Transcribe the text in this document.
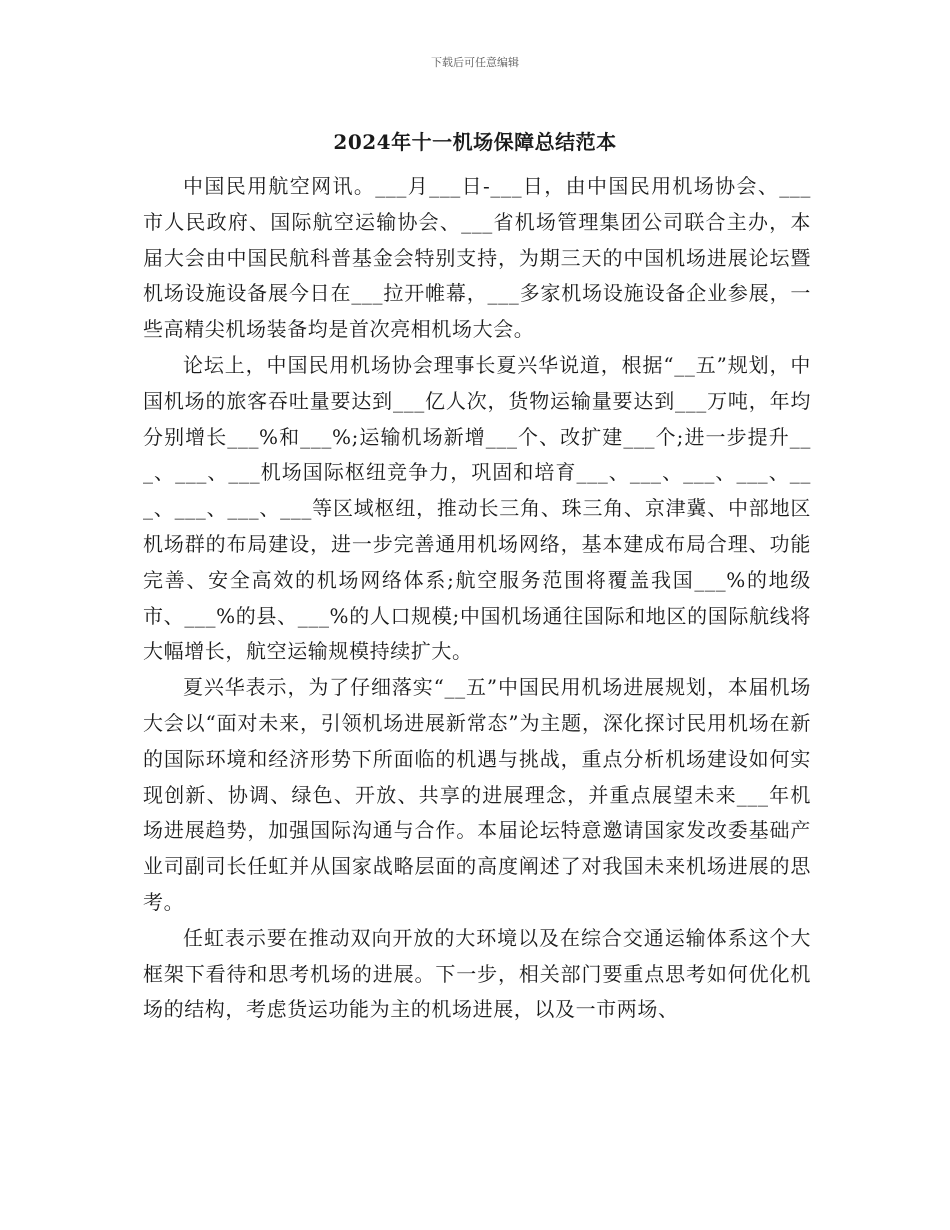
下载后可任意编辑
2024年十一机场保障总结范本

中国民用航空网讯。___月___日-___日，由中国民用机场协会、___市人民政府、国际航空运输协会、___省机场管理集团公司联合主办，本届大会由中国民航科普基金会特别支持，为期三天的中国机场进展论坛暨机场设施设备展今日在___拉开帷幕，___多家机场设施设备企业参展，一些高精尖机场装备均是首次亮相机场大会。

论坛上，中国民用机场协会理事长夏兴华说道，根据“__五”规划，中国机场的旅客吞吐量要达到___亿人次，货物运输量要达到___万吨，年均分别增长___%和___%;运输机场新增___个、改扩建___个;进一步提升___、___、___机场国际枢纽竞争力，巩固和培育___、___、___、___、___、___、___、___等区域枢纽，推动长三角、珠三角、京津冀、中部地区机场群的布局建设，进一步完善通用机场网络，基本建成布局合理、功能完善、安全高效的机场网络体系;航空服务范围将覆盖我国___%的地级市、___%的县、___%的人口规模;中国机场通往国际和地区的国际航线将大幅增长，航空运输规模持续扩大。

夏兴华表示，为了仔细落实“__五”中国民用机场进展规划，本届机场大会以“面对未来，引领机场进展新常态”为主题，深化探讨民用机场在新的国际环境和经济形势下所面临的机遇与挑战，重点分析机场建设如何实现创新、协调、绿色、开放、共享的进展理念，并重点展望未来___年机场进展趋势，加强国际沟通与合作。本届论坛特意邀请国家发改委基础产业司副司长任虹并从国家战略层面的高度阐述了对我国未来机场进展的思考。

任虹表示要在推动双向开放的大环境以及在综合交通运输体系这个大框架下看待和思考机场的进展。下一步，相关部门要重点思考如何优化机场的结构，考虑货运功能为主的机场进展，以及一市两场、
